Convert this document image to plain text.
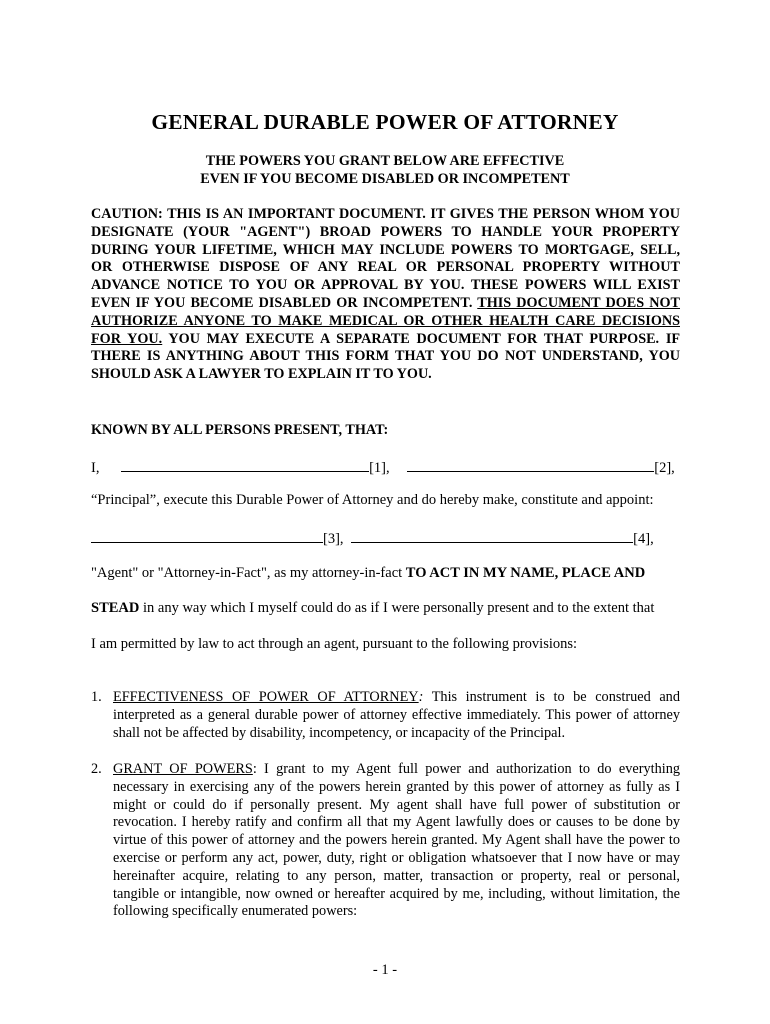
GENERAL DURABLE POWER OF ATTORNEY
THE POWERS YOU GRANT BELOW ARE EFFECTIVE
EVEN IF YOU BECOME DISABLED OR INCOMPETENT

CAUTION: THIS IS AN IMPORTANT DOCUMENT. IT GIVES THE PERSON WHOM YOU DESIGNATE (YOUR "AGENT") BROAD POWERS TO HANDLE YOUR PROPERTY DURING YOUR LIFETIME, WHICH MAY INCLUDE POWERS TO MORTGAGE, SELL, OR OTHERWISE DISPOSE OF ANY REAL OR PERSONAL PROPERTY WITHOUT ADVANCE NOTICE TO YOU OR APPROVAL BY YOU. THESE POWERS WILL EXIST EVEN IF YOU BECOME DISABLED OR INCOMPETENT. THIS DOCUMENT DOES NOT AUTHORIZE ANYONE TO MAKE MEDICAL OR OTHER HEALTH CARE DECISIONS FOR YOU. YOU MAY EXECUTE A SEPARATE DOCUMENT FOR THAT PURPOSE. IF THERE IS ANYTHING ABOUT THIS FORM THAT YOU DO NOT UNDERSTAND, YOU SHOULD ASK A LAWYER TO EXPLAIN IT TO YOU.

KNOWN BY ALL PERSONS PRESENT, THAT:
I,	[1],	[2],
“Principal”, execute this Durable Power of Attorney and do hereby make, constitute and appoint:
[3],	[4],
"Agent" or "Attorney-in-Fact", as my attorney-in-fact TO ACT IN MY NAME, PLACE AND
STEAD in any way which I myself could do as if I were personally present and to the extent that
I am permitted by law to act through an agent, pursuant to the following provisions:
1. EFFECTIVENESS OF POWER OF ATTORNEY: This instrument is to be construed and interpreted as a general durable power of attorney effective immediately. This power of attorney shall not be affected by disability, incompetency, or incapacity of the Principal.

2. GRANT OF POWERS: I grant to my Agent full power and authorization to do everything necessary in exercising any of the powers herein granted by this power of attorney as fully as I might or could do if personally present. My agent shall have full power of substitution or revocation. I hereby ratify and confirm all that my Agent lawfully does or causes to be done by virtue of this power of attorney and the powers herein granted. My Agent shall have the power to exercise or perform any act, power, duty, right or obligation whatsoever that I now have or may hereinafter acquire, relating to any person, matter, transaction or property, real or personal, tangible or intangible, now owned or hereafter acquired by me, including, without limitation, the following specifically enumerated powers:

- 1 -
